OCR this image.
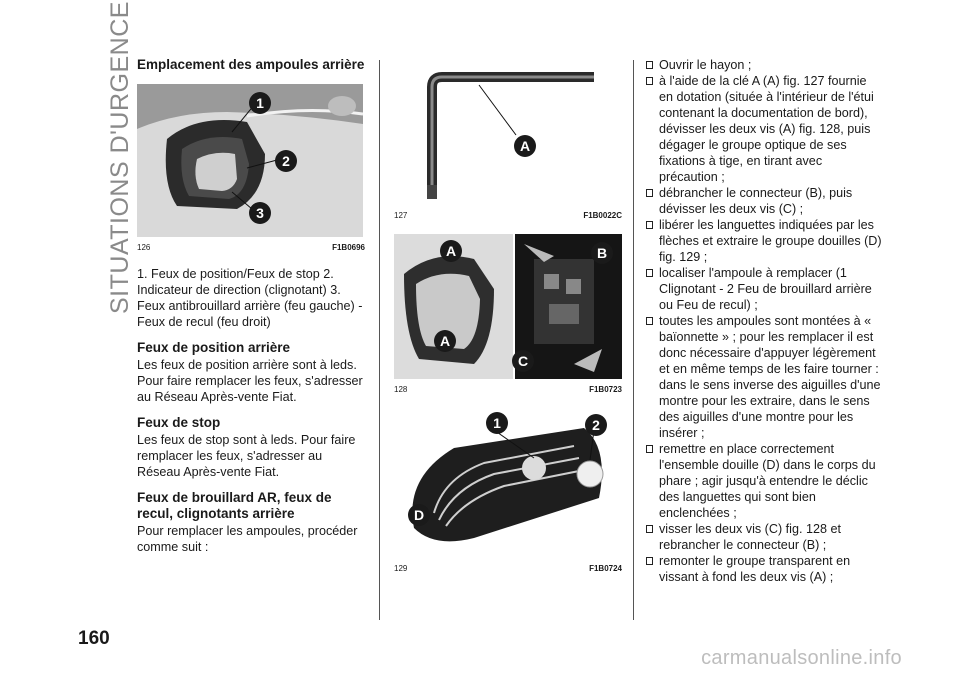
SITUATIONS D'URGENCE Emplacement des ampoules arrière
1
2
3
126	F1B0696

1. Feux de position/Feux de stop 2. Indicateur de direction (clignotant) 3. Feux antibrouillard arrière (feu gauche) - Feux de recul (feu droit)

Feux de position arrière

Les feux de position arrière sont à leds. Pour faire remplacer les feux, s'adresser au Réseau Après-vente Fiat.

Feux de stop

Les feux de stop sont à leds. Pour faire remplacer les feux, s'adresser au Réseau Après-vente Fiat.

Feux de brouillard AR, feux de recul, clignotants arrière

Pour remplacer les ampoules, procéder comme suit :

A
127	F1B0022C
A	B
A
C
128	F1B0723
1	2
D
129	F1B0724
Ouvrir le hayon ;
à l'aide de la clé A (A) fig. 127 fournie en dotation (située à l'intérieur de l'étui contenant la documentation de bord), dévisser les deux vis (A) fig. 128, puis dégager le groupe optique de ses fixations à tige, en tirant avec précaution ;
débrancher le connecteur (B), puis dévisser les deux vis (C) ;
libérer les languettes indiquées par les flèches et extraire le groupe douilles (D) fig. 129 ;
localiser l'ampoule à remplacer (1 Clignotant - 2 Feu de brouillard arrière ou Feu de recul) ;
toutes les ampoules sont montées à « baïonnette » ; pour les remplacer il est donc nécessaire d'appuyer légèrement et en même temps de les faire tourner : dans le sens inverse des aiguilles d'une montre pour les extraire, dans le sens des aiguilles d'une montre pour les insérer ;
remettre en place correctement l'ensemble douille (D) dans le corps du phare ; agir jusqu'à entendre le déclic des languettes qui sont bien enclenchées ;
visser les deux vis (C) fig. 128 et rebrancher le connecteur (B) ;
remonter le groupe transparent en vissant à fond les deux vis (A) ;
160
carmanualsonline.info
